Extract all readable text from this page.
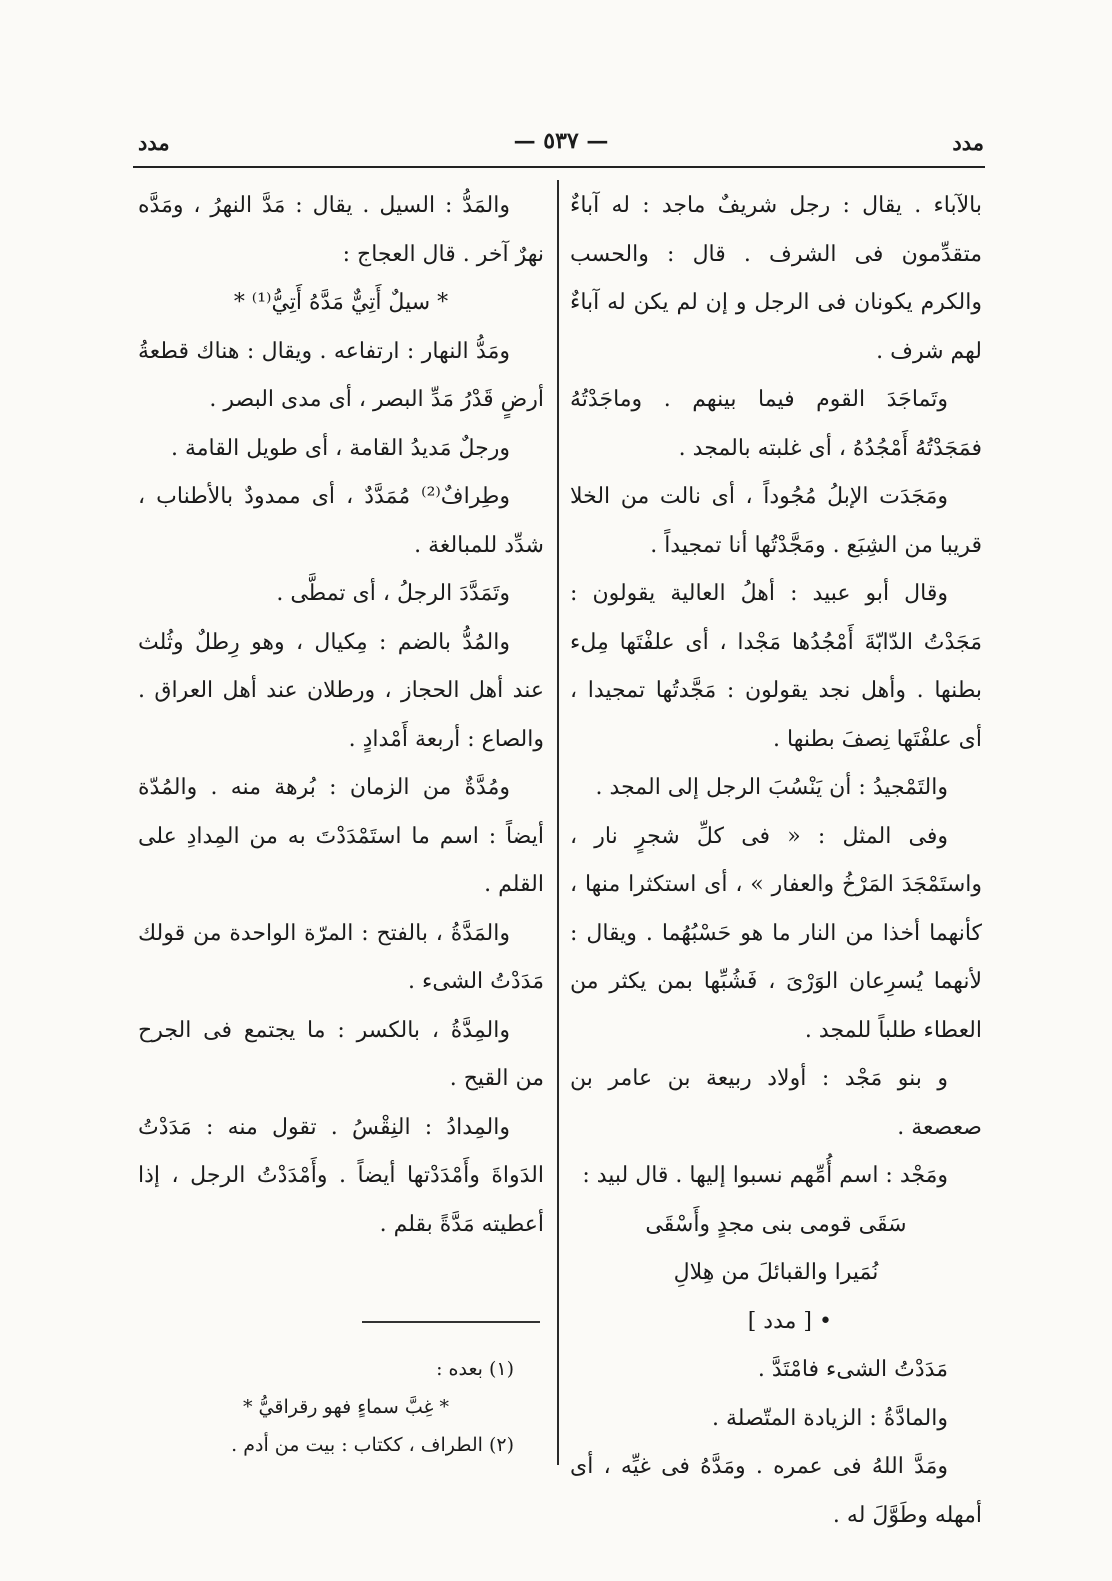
مدد
— ٥٣٧ —
مدد

بالآباء . يقال : رجل شريفٌ ماجد : له آباءٌ متقدِّمون فى الشرف . قال : والحسب والكرم يكونان فى الرجل و إن لم يكن له آباءٌ لهم شرف .

وتَماجَدَ القوم فيما بينهم . وماجَدْتُهُ فمَجَدْتُهُ أَمْجُدُهُ ، أى غلبته بالمجد .

ومَجَدَت الإبلُ مُجُوداً ، أى نالت من الخلا قريبا من الشِبَع . ومَجَّدْتُها أنا تمجيداً .

وقال أبو عبيد : أهلُ العالية يقولون : مَجَدْتُ الدّابّةَ أَمْجُدُها مَجْدا ، أى علفْتَها مِلء بطنها . وأهل نجد يقولون : مَجَّدتُها تمجيدا ، أى علفْتَها نِصفَ بطنها .

والتَمْجيدُ : أن يَنْسُبَ الرجل إلى المجد .

وفى المثل : « فى كلِّ شجرٍ نار ، واستَمْجَدَ المَرْخُ والعفار » ، أى استكثرا منها ، كأنهما أخذا من النار ما هو حَسْبُهُما . ويقال : لأنهما يُسرِعان الوَرْىَ ، فَشُبِّها بمن يكثر من العطاء طلباً للمجد .

و بنو مَجْد : أولاد ربيعة بن عامر بن صعصعة .

ومَجْد : اسم أُمِّهم نسبوا إليها . قال لبيد :

سَقَى قومى بنى مجدٍ وأَسْقَى

نُمَيرا والقبائلَ من هِلالِ

• [ مدد ]

مَدَدْتُ الشىء فامْتَدَّ .

والمادَّةُ : الزيادة المتّصلة .

ومَدَّ اللهُ فى عمره . ومَدَّهُ فى غيِّه ، أى أمهله وطَوَّلَ له .

والمَدُّ : السيل . يقال : مَدَّ النهرُ ، ومَدَّه نهرٌ آخر . قال العجاج :

* سيلٌ أَتِيٌّ مَدَّهُ أَتِيُّ⁽¹⁾ *

ومَدُّ النهار : ارتفاعه . ويقال : هناك قطعةُ أرضٍ قَدْرُ مَدِّ البصر ، أى مدى البصر .

ورجلٌ مَديدُ القامة ، أى طويل القامة .

وطِرافٌ⁽²⁾ مُمَدَّدٌ ، أى ممدودٌ بالأطناب ، شدِّد للمبالغة .

وتَمَدَّدَ الرجلُ ، أى تمطَّى .

والمُدُّ بالضم : مِكيال ، وهو رِطلٌ وثُلث عند أهل الحجاز ، ورطلان عند أهل العراق . والصاع : أربعة أَمْدادٍ .

ومُدَّةٌ من الزمان : بُرهة منه . والمُدّة أيضاً : اسم ما استَمْدَدْتَ به من المِدادِ على القلم .

والمَدَّةُ ، بالفتح : المرّة الواحدة من قولك مَدَدْتُ الشىء .

والمِدَّةُ ، بالكسر : ما يجتمع فى الجرح من القيح .

والمِدادُ : النِقْسُ . تقول منه : مَدَدْتُ الدَواةَ وأَمْدَدْتها أيضاً . وأَمْدَدْتُ الرجل ، إذا أعطيته مَدَّةً بقلم .

(١) بعده :

* غِبَّ سماءٍ فهو رقراقيُّ *

(٢) الطراف ، ككتاب : بيت من أدم .
